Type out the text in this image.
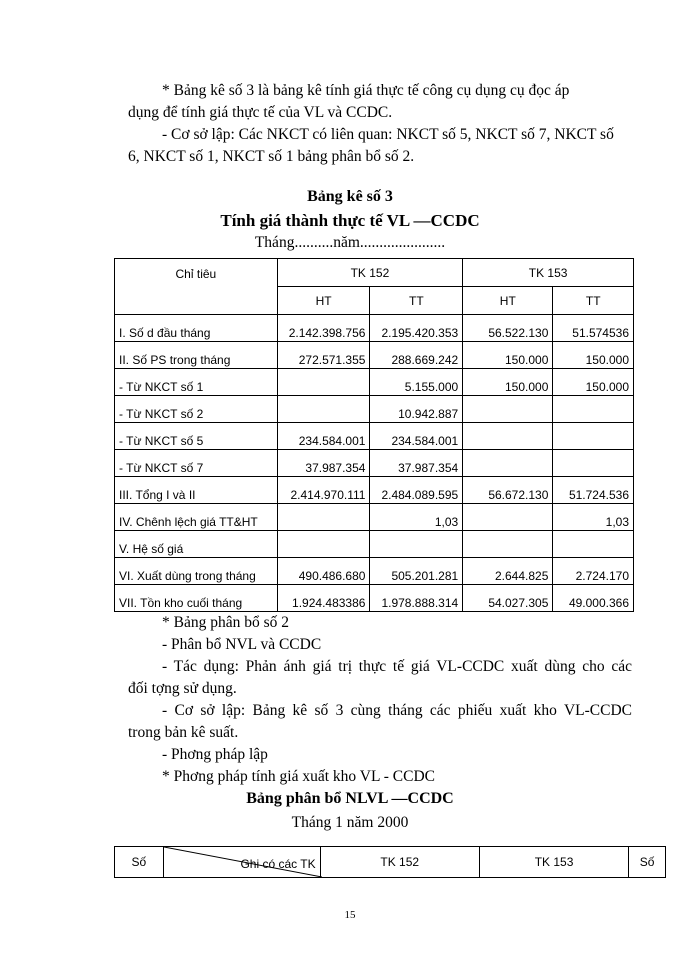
* Bảng kê số 3 là bảng kê tính giá thực tế công cụ dụng cụ đọc áp
dụng để tính giá thực tế của VL và CCDC.
- Cơ sở lập: Các NKCT có liên quan: NKCT số 5, NKCT số 7, NKCT số
6, NKCT số 1, NKCT số 1 bảng phân bổ số 2.
Bảng kê số 3
Tính giá thành thực tế VL —CCDC
Tháng..........năm......................
Chỉ tiêu	TK 152		TK 153	
	HT	TT	HT	TT
I. Số d đầu tháng	2.142.398.756	2.195.420.353	56.522.130	51.574536
II. Số PS trong tháng	272.571.355	288.669.242	150.000	150.000
- Từ NKCT số 1		5.155.000	150.000	150.000
- Từ NKCT số 2		10.942.887		
- Từ NKCT số 5	234.584.001	234.584.001		
- Từ NKCT số 7	37.987.354	37.987.354		
III. Tổng I và II	2.414.970.111	2.484.089.595	56.672.130	51.724.536
IV. Chênh lệch giá TT&HT		1,03		1,03
V. Hệ số giá				
VI. Xuất dùng trong tháng	490.486.680	505.201.281	2.644.825	2.724.170
VII. Tồn kho cuối tháng	1.924.483386	1.978.888.314	54.027.305	49.000.366
* Bảng phân bổ số 2
- Phân bổ NVL và CCDC
- Tác dụng: Phản ánh giá trị thực tế giá VL-CCDC xuất dùng cho các
đối tợng sử dụng.
- Cơ sở lập: Bảng kê số 3 cùng tháng các phiếu xuất kho VL-CCDC
trong bản kê suất.
- Phơng pháp lập
* Phơng pháp tính giá xuất kho VL - CCDC
Bảng phân bổ NLVL —CCDC
Tháng 1 năm 2000
Số	Ghi có các TK	TK 152	TK 153	Số
15
